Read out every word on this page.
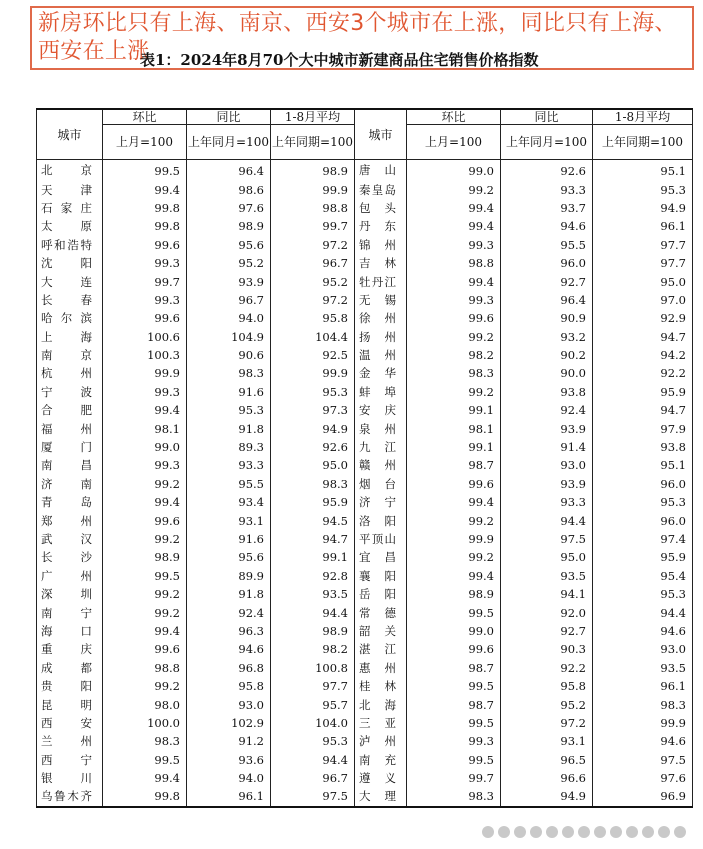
新房环比只有上海、南京、西安3个城市在上涨，同比只有上海、西安在上涨
表1：2024年8月70个大中城市新建商品住宅销售价格指数
城市	环比	同比	1-8月平均	城市	环比	同比	1-8月平均
	上月=100	上年同月=100	上年同期=100		上月=100	上年同月=100	上年同期=100
北京	99.5	96.4	98.9	唐山	99.0	92.6	95.1
天津	99.4	98.6	99.9	秦皇岛	99.2	93.3	95.3
石家庄	99.8	97.6	98.8	包头	99.4	93.7	94.9
太原	99.8	98.9	99.7	丹东	99.4	94.6	96.1
呼和浩特	99.6	95.6	97.2	锦州	99.3	95.5	97.7
沈阳	99.3	95.2	96.7	吉林	98.8	96.0	97.7
大连	99.7	93.9	95.2	牡丹江	99.4	92.7	95.0
长春	99.3	96.7	97.2	无锡	99.3	96.4	97.0
哈尔滨	99.6	94.0	95.8	徐州	99.6	90.9	92.9
上海	100.6	104.9	104.4	扬州	99.2	93.2	94.7
南京	100.3	90.6	92.5	温州	98.2	90.2	94.2
杭州	99.9	98.3	99.9	金华	98.3	90.0	92.2
宁波	99.3	91.6	95.3	蚌埠	99.2	93.8	95.9
合肥	99.4	95.3	97.3	安庆	99.1	92.4	94.7
福州	98.1	91.8	94.9	泉州	98.1	93.9	97.9
厦门	99.0	89.3	92.6	九江	99.1	91.4	93.8
南昌	99.3	93.3	95.0	赣州	98.7	93.0	95.1
济南	99.2	95.5	98.3	烟台	99.6	93.9	96.0
青岛	99.4	93.4	95.9	济宁	99.4	93.3	95.3
郑州	99.6	93.1	94.5	洛阳	99.2	94.4	96.0
武汉	99.2	91.6	94.7	平顶山	99.9	97.5	97.4
长沙	98.9	95.6	99.1	宜昌	99.2	95.0	95.9
广州	99.5	89.9	92.8	襄阳	99.4	93.5	95.4
深圳	99.2	91.8	93.5	岳阳	98.9	94.1	95.3
南宁	99.2	92.4	94.4	常德	99.5	92.0	94.4
海口	99.4	96.3	98.9	韶关	99.0	92.7	94.6
重庆	99.6	94.6	98.2	湛江	99.6	90.3	93.0
成都	98.8	96.8	100.8	惠州	98.7	92.2	93.5
贵阳	99.2	95.8	97.7	桂林	99.5	95.8	96.1
昆明	98.0	93.0	95.7	北海	98.7	95.2	98.3
西安	100.0	102.9	104.0	三亚	99.5	97.2	99.9
兰州	98.3	91.2	95.3	泸州	99.3	93.1	94.6
西宁	99.5	93.6	94.4	南充	99.5	96.5	97.5
银川	99.4	94.0	96.7	遵义	99.7	96.6	97.6
乌鲁木齐	99.8	96.1	97.5	大理	98.3	94.9	96.9
